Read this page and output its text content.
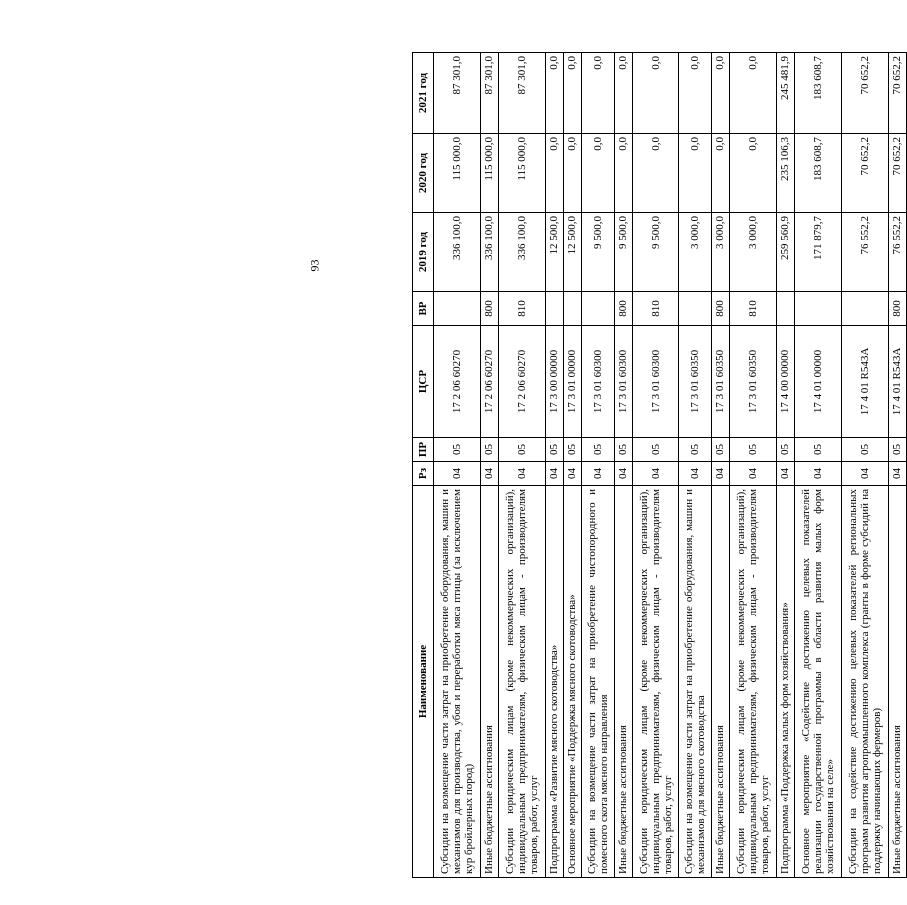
93
Наименование	Рз	ПР	ЦСР	ВР	2019 год	2020 год	2021 год
Субсидии на возмещение части затрат на приобретение оборудования, машин и механизмов для производства, убоя и переработки мяса птицы (за исключением кур бройлерных пород)	04	05	17 2 06 60270		336 100,0	115 000,0	87 301,0
Иные бюджетные ассигнования	04	05	17 2 06 60270	800	336 100,0	115 000,0	87 301,0
Субсидии юридическим лицам (кроме некоммерческих организаций), индивидуальным предпринимателям, физическим лицам - производителям товаров, работ, услуг	04	05	17 2 06 60270	810	336 100,0	115 000,0	87 301,0
Подпрограмма «Развитие мясного скотоводства»	04	05	17 3 00 00000		12 500,0	0,0	0,0
Основное мероприятие «Поддержка мясного скотоводства»	04	05	17 3 01 00000		12 500,0	0,0	0,0
Субсидии на возмещение части затрат на приобретение чистопородного и помесного скота мясного направления	04	05	17 3 01 60300		9 500,0	0,0	0,0
Иные бюджетные ассигнования	04	05	17 3 01 60300	800	9 500,0	0,0	0,0
Субсидии юридическим лицам (кроме некоммерческих организаций), индивидуальным предпринимателям, физическим лицам - производителям товаров, работ, услуг	04	05	17 3 01 60300	810	9 500,0	0,0	0,0
Субсидии на возмещение части затрат на приобретение оборудования, машин и механизмов для мясного скотоводства	04	05	17 3 01 60350		3 000,0	0,0	0,0
Иные бюджетные ассигнования	04	05	17 3 01 60350	800	3 000,0	0,0	0,0
Субсидии юридическим лицам (кроме некоммерческих организаций), индивидуальным предпринимателям, физическим лицам - производителям товаров, работ, услуг	04	05	17 3 01 60350	810	3 000,0	0,0	0,0
Подпрограмма «Поддержка малых форм хозяйствования»	04	05	17 4 00 00000		259 560,9	235 106,3	245 481,9
Основное мероприятие «Содействие достижению целевых показателей реализации государственной программы в области развития малых форм хозяйствования на селе»	04	05	17 4 01 00000		171 879,7	183 608,7	183 608,7
Субсидии на содействие достижению целевых показателей региональных программ развития агропромышленного комплекса (гранты в форме субсидий на поддержку начинающих фермеров)	04	05	17 4 01 R543A		76 552,2	70 652,2	70 652,2
Иные бюджетные ассигнования	04	05	17 4 01 R543A	800	76 552,2	70 652,2	70 652,2
